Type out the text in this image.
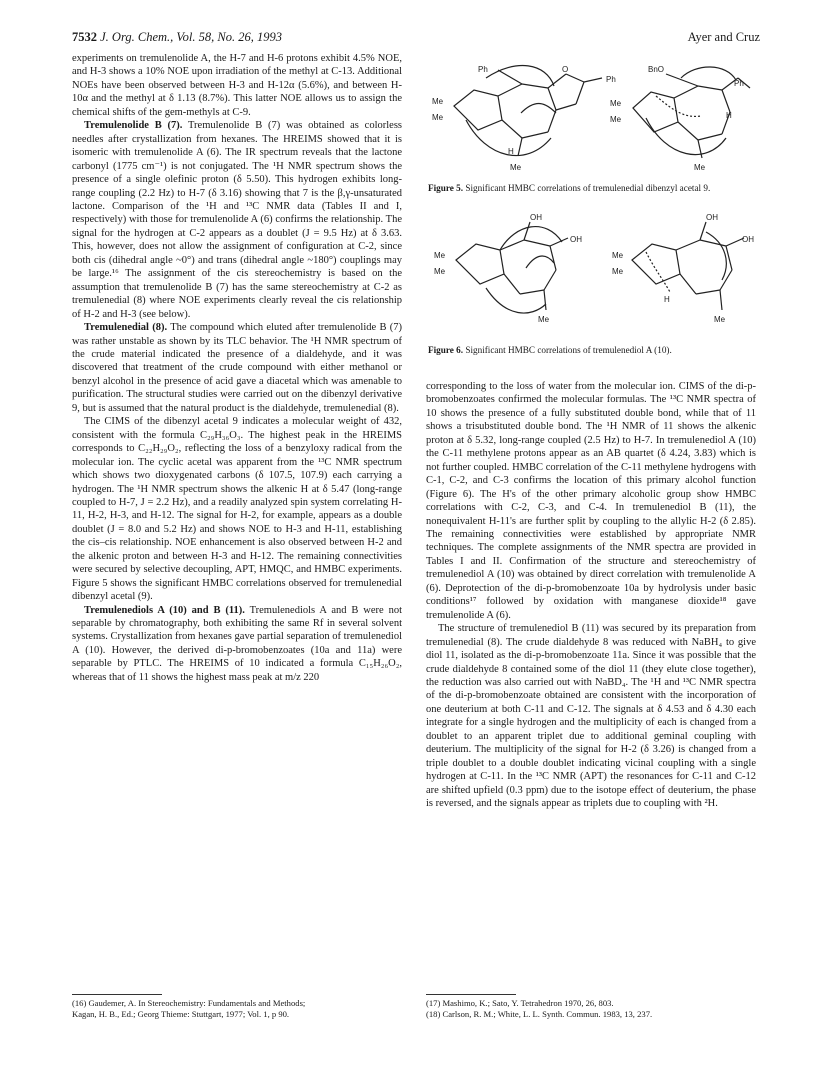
7532 J. Org. Chem., Vol. 58, No. 26, 1993	Ayer and Cruz

experiments on tremulenolide A, the H-7 and H-6 protons exhibit 4.5% NOE, and H-3 shows a 10% NOE upon irradiation of the methyl at C-13. Additional NOEs have been observed between H-3 and H-12α (5.6%), and between H-10α and the methyl at δ 1.13 (8.7%). This latter NOE allows us to assign the chemical shifts of the gem-methyls at C-9.

Tremulenolide B (7). Tremulenolide B (7) was obtained as colorless needles after crystallization from hexanes. The HREIMS showed that it is isomeric with tremulenolide A (6). The IR spectrum reveals that the lactone carbonyl (1775 cm⁻¹) is not conjugated. The ¹H NMR spectrum shows the presence of a single olefinic proton (δ 5.50). This hydrogen exhibits long-range coupling (2.2 Hz) to H-7 (δ 3.16) showing that 7 is the β,γ-unsaturated lactone. Comparison of the ¹H and ¹³C NMR data (Tables II and I, respectively) with those for tremulenolide A (6) confirms the relationship. The signal for the hydrogen at C-2 appears as a doublet (J = 9.5 Hz) at δ 3.63. This, however, does not allow the assignment of configuration at C-2, since both cis (dihedral angle ~0°) and trans (dihedral angle ~180°) couplings may be large.¹⁶ The assignment of the cis stereochemistry is based on the assumption that tremulenolide B (7) has the same stereochemistry at C-2 as tremulenedial (8) where NOE experiments clearly reveal the cis relationship of H-2 and H-3 (see below).

Tremulenedial (8). The compound which eluted after tremulenolide B (7) was rather unstable as shown by its TLC behavior. The ¹H NMR spectrum of the crude material indicated the presence of a dialdehyde, and it was discovered that treatment of the crude compound with either methanol or benzyl alcohol in the presence of acid gave a diacetal which was amenable to purification. The structural studies were carried out on the dibenzyl derivative 9, but is assumed that the natural product is the dialdehyde, tremulenedial (8).

The CIMS of the dibenzyl acetal 9 indicates a molecular weight of 432, consistent with the formula C₂₉H₃₆O₃. The highest peak in the HREIMS corresponds to C₂₂H₂₉O₂, reflecting the loss of a benzyloxy radical from the molecular ion. The cyclic acetal was apparent from the ¹³C NMR spectrum which shows two dioxygenated carbons (δ 107.5, 107.9) each carrying a hydrogen. The ¹H NMR spectrum shows the alkenic H at δ 5.47 (long-range coupled to H-7, J = 2.2 Hz), and a readily analyzed spin system correlating H-11, H-2, H-3, and H-12. The signal for H-2, for example, appears as a double doublet (J = 8.0 and 5.2 Hz) and shows NOE to H-3 and H-11, establishing the cis–cis relationship. NOE enhancement is also observed between H-2 and the alkenic proton and between H-3 and H-12. The remaining connectivities were secured by selective decoupling, APT, HMQC, and HMBC experiments. Figure 5 shows the significant HMBC correlations observed for tremulenedial dibenzyl acetal (9).

Tremulenediols A (10) and B (11). Tremulenediols A and B were not separable by chromatography, both exhibiting the same Rf in several solvent systems. Crystallization from hexanes gave partial separation of tremulenediol A (10). However, the derived di-p-bromobenzoates (10a and 11a) were separable by PTLC. The HREIMS of 10 indicated a formula C₁₅H₂₆O₂, whereas that of 11 shows the highest mass peak at m/z 220

Ph
Ph
Me
Me
H
Me
O	BnO
Ph
Me
Me	H
Me
Figure 5. Significant HMBC correlations of tremulenedial dibenzyl acetal 9.
OH
OH
Me
Me
Me
OH
OH
Me
Me
H
Me
Figure 6. Significant HMBC correlations of tremulenediol A (10).

corresponding to the loss of water from the molecular ion. CIMS of the di-p-bromobenzoates confirmed the molecular formulas. The ¹³C NMR spectra of 10 shows the presence of a fully substituted double bond, while that of 11 shows a trisubstituted double bond. The ¹H NMR of 11 shows the alkenic proton at δ 5.32, long-range coupled (2.5 Hz) to H-7. In tremulenediol A (10) the C-11 methylene protons appear as an AB quartet (δ 4.24, 3.83) which is not further coupled. HMBC correlation of the C-11 methylene hydrogens with C-1, C-2, and C-3 confirms the location of this primary alcohol function (Figure 6). The H's of the other primary alcoholic group show HMBC correlations with C-2, C-3, and C-4. In tremulenediol B (11), the nonequivalent H-11's are further split by coupling to the allylic H-2 (δ 2.85). The remaining connectivities were established by appropriate NMR techniques. The complete assignments of the NMR spectra are provided in Tables I and II. Confirmation of the structure and stereochemistry of tremulenediol A (10) was obtained by direct correlation with tremulenolide A (6). Deprotection of the di-p-bromobenzoate 10a by hydrolysis under basic conditions¹⁷ followed by oxidation with manganese dioxide¹⁸ gave tremulenolide A (6).

The structure of tremulenediol B (11) was secured by its preparation from tremulenedial (8). The crude dialdehyde 8 was reduced with NaBH₄ to give diol 11, isolated as the di-p-bromobenzoate 11a. Since it was possible that the crude dialdehyde 8 contained some of the diol 11 (they elute close together), the reduction was also carried out with NaBD₄. The ¹H and ¹³C NMR spectra of the di-p-bromobenzoate obtained are consistent with the incorporation of one deuterium at both C-11 and C-12. The signals at δ 4.53 and δ 4.30 each integrate for a single hydrogen and the multiplicity of each is changed from a doublet to an apparent triplet due to additional geminal coupling with deuterium. The multiplicity of the signal for H-2 (δ 3.26) is changed from a triple doublet to a double doublet indicating vicinal coupling with a single hydrogen at C-11. In the ¹³C NMR (APT) the resonances for C-11 and C-12 are shifted upfield (0.3 ppm) due to the isotope effect of deuterium, the phase is reversed, and the signals appear as triplets due to coupling with ²H.

(16) Gaudemer, A. In Stereochemistry: Fundamentals and Methods;

Kagan, H. B., Ed.; Georg Thieme: Stuttgart, 1977; Vol. 1, p 90.

(17) Mashimo, K.; Sato, Y. Tetrahedron 1970, 26, 803.

(18) Carlson, R. M.; White, L. L. Synth. Commun. 1983, 13, 237.
